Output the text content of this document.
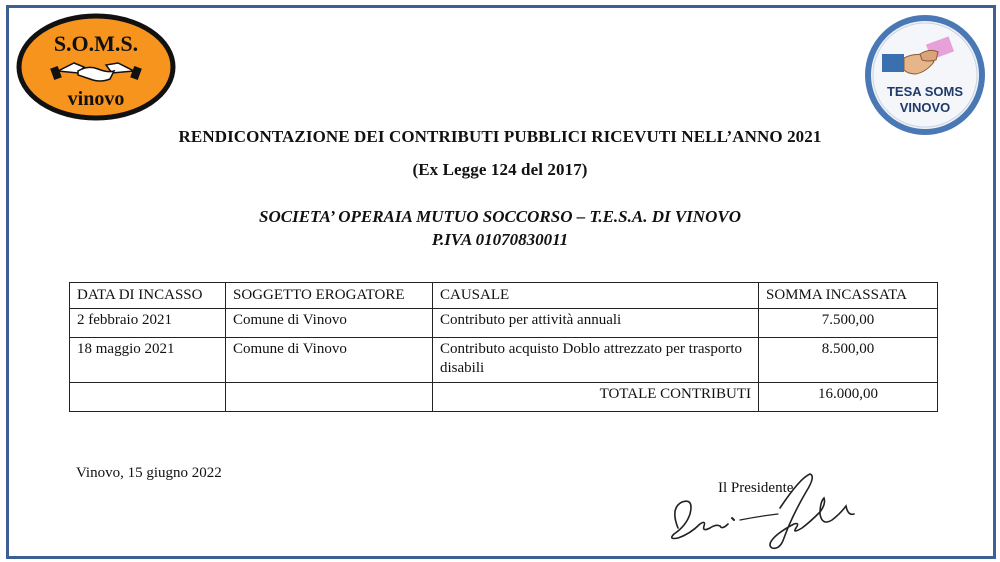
S.O.M.S.
vinovo	TESA SOMS
VINOVO
RENDICONTAZIONE DEI CONTRIBUTI PUBBLICI RICEVUTI NELL’ANNO 2021
(Ex Legge 124 del 2017)
SOCIETA’ OPERAIA MUTUO SOCCORSO – T.E.S.A. DI VINOVO
P.IVA 01070830011
DATA DI INCASSO	SOGGETTO EROGATORE	CAUSALE	SOMMA INCASSATA
2 febbraio 2021	Comune di Vinovo	Contributo per attività annuali	7.500,00
18 maggio 2021	Comune di Vinovo	Contributo acquisto Doblo attrezzato per trasporto disabili	8.500,00
		TOTALE CONTRIBUTI	16.000,00
Vinovo, 15 giugno 2022
Il Presidente
